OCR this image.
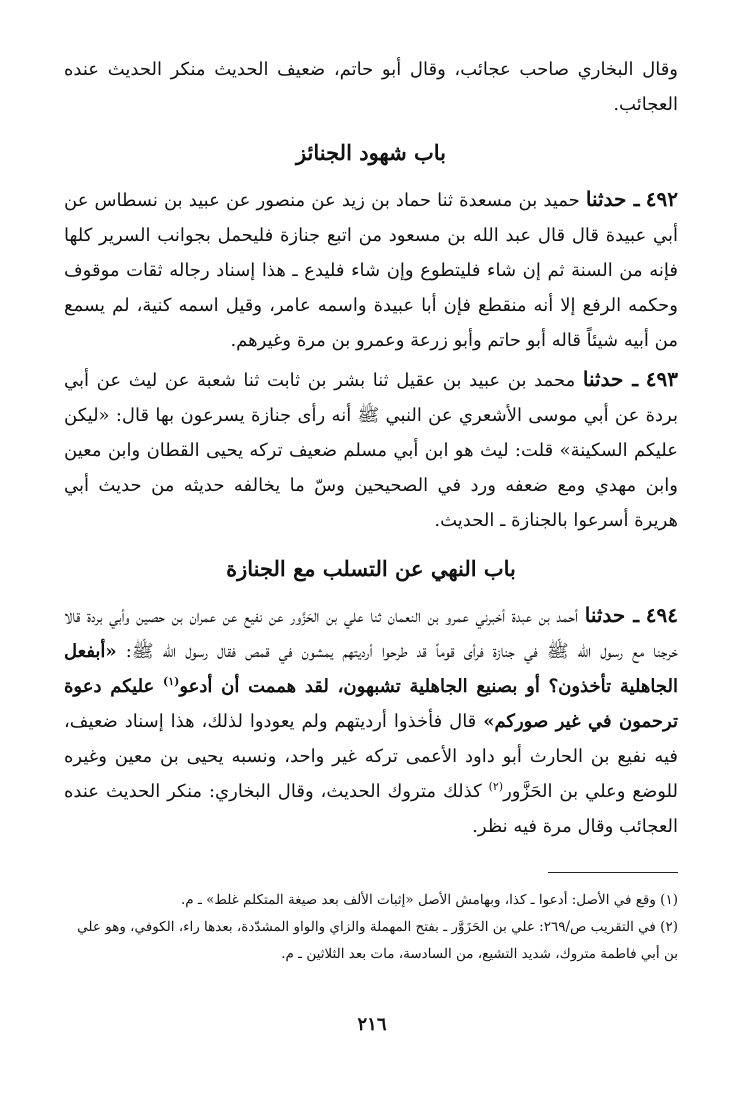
وقال البخاري صاحب عجائب، وقال أبو حاتم، ضعيف الحديث منكر الحديث عنده العجائب.

باب شهود الجنائز

٤٩٢ ـ حدثنا حميد بن مسعدة ثنا حماد بن زيد عن منصور عن عبيد بن نسطاس عن أبي عبيدة قال قال عبد الله بن مسعود من اتبع جنازة فليحمل بجوانب السرير كلها فإنه من السنة ثم إن شاء فليتطوع وإن شاء فليدع ـ هذا إسناد رجاله ثقات موقوف وحكمه الرفع إلا أنه منقطع فإن أبا عبيدة واسمه عامر، وقيل اسمه كنية، لم يسمع من أبيه شيئاً قاله أبو حاتم وأبو زرعة وعمرو بن مرة وغيرهم.

٤٩٣ ـ حدثنا محمد بن عبيد بن عقيل ثنا بشر بن ثابت ثنا شعبة عن ليث عن أبي بردة عن أبي موسى الأشعري عن النبي ﷺ أنه رأى جنازة يسرعون بها قال: «ليكن عليكم السكينة» قلت: ليث هو ابن أبي مسلم ضعيف تركه يحيى القطان وابن معين وابن مهدي ومع ضعفه ورد في الصحيحين وسّ ما يخالفه حديثه من حديث أبي هريرة أسرعوا بالجنازة ـ الحديث.

باب النهي عن التسلب مع الجنازة

٤٩٤ ـ حدثنا أحمد بن عبدة أخبرني عمرو بن النعمان ثنا علي بن الحَزَّور عن نفيع عن عمران بن حصين وأبي بردة قالا خرجنا مع رسول الله ﷺ في جنازة فرأى قوماً قد طرحوا أرديتهم يمشون في قمص فقال رسول الله ﷺ: «أبفعل الجاهلية تأخذون؟ أو بصنيع الجاهلية تشبهون، لقد هممت أن أدعو$^{(١)}$ عليكم دعوة ترحمون في غير صوركم» قال فأخذوا أرديتهم ولم يعودوا لذلك، هذا إسناد ضعيف، فيه نفيع بن الحارث أبو داود الأعمى تركه غير واحد، ونسبه يحيى بن معين وغيره للوضع وعلي بن الحَزَّور$^{(٢)}$ كذلك متروك الحديث، وقال البخاري: منكر الحديث عنده العجائب وقال مرة فيه نظر.

(١) وقع في الأصل: أدعوا ـ كذا، وبهامش الأصل «إثبات الألف بعد صيغة المتكلم غلط» ـ م.

(٢) في التقريب ص/٢٦٩: علي بن الحَزَوَّر ـ بفتح المهملة والزاي والواو المشدّدة، بعدها راء، الكوفي، وهو علي بن أبي فاطمة متروك، شديد التشيع، من السادسة، مات بعد الثلاثين ـ م.

٢١٦
